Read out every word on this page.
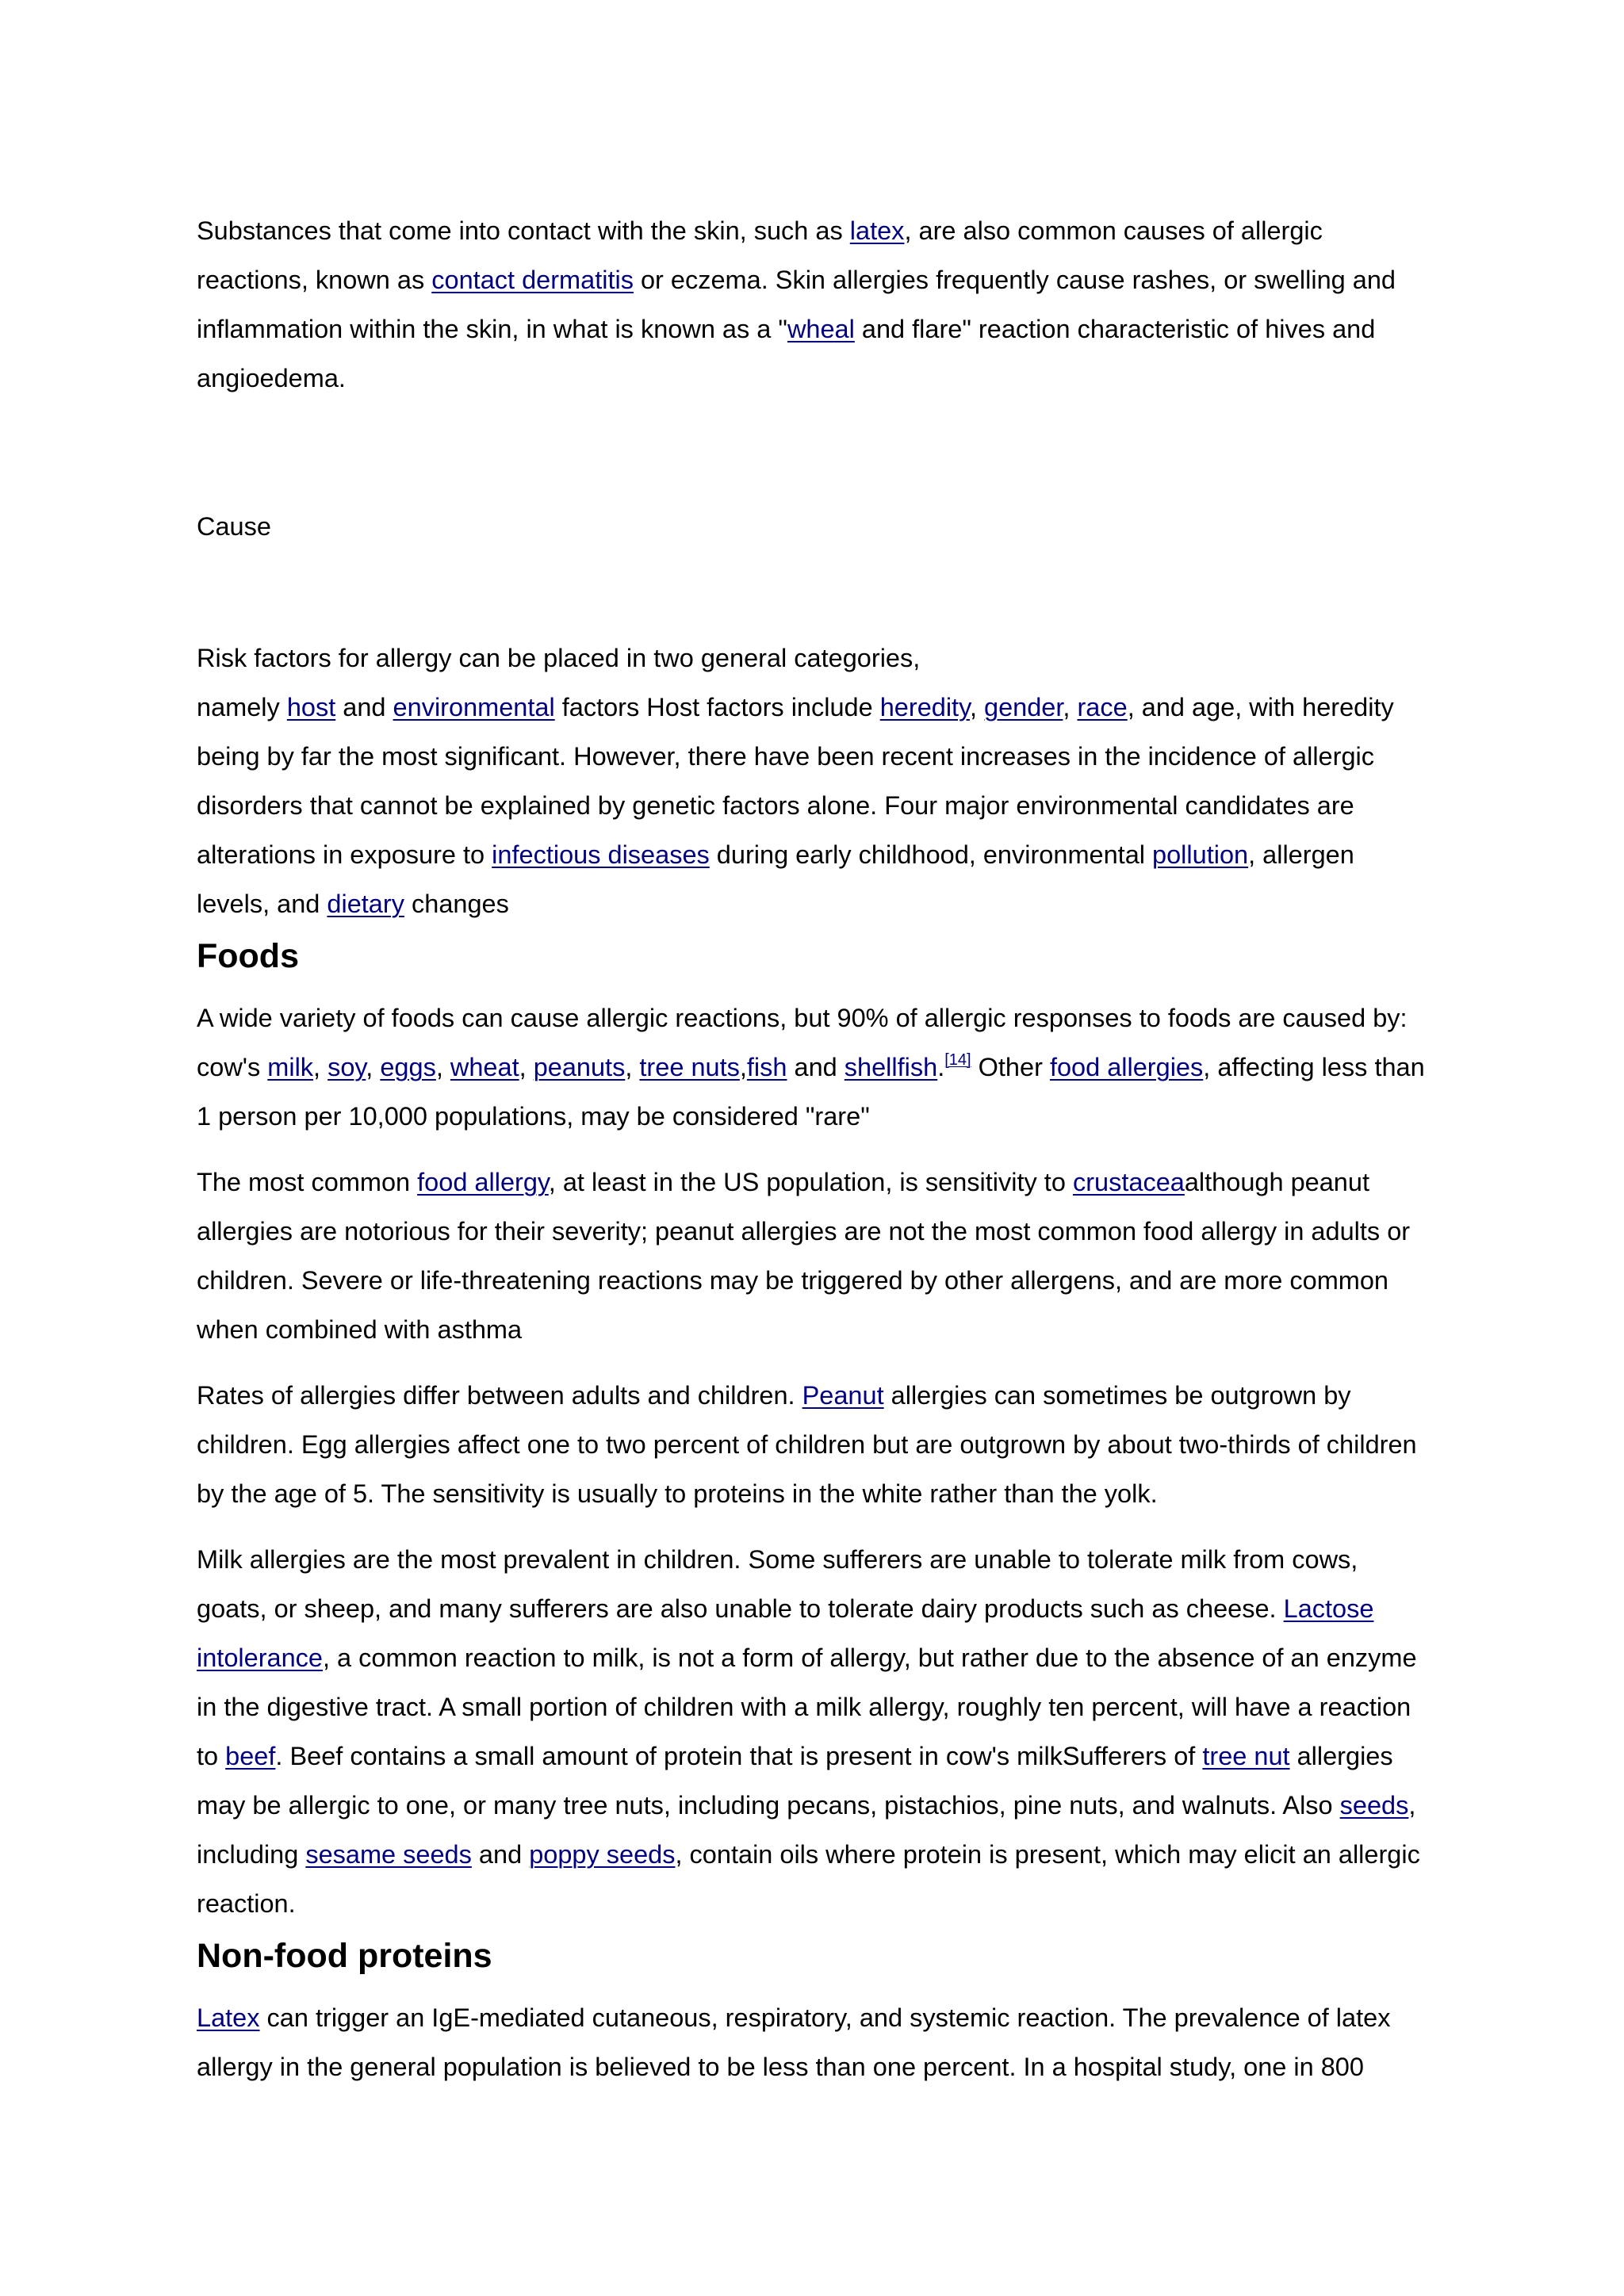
Substances that come into contact with the skin, such as latex, are also common causes of allergic reactions, known as contact dermatitis or eczema. Skin allergies frequently cause rashes, or swelling and inflammation within the skin, in what is known as a "wheal and flare" reaction characteristic of hives and angioedema.

Cause

Risk factors for allergy can be placed in two general categories,
namely host and environmental factors Host factors include heredity, gender, race, and age, with heredity being by far the most significant. However, there have been recent increases in the incidence of allergic disorders that cannot be explained by genetic factors alone. Four major environmental candidates are alterations in exposure to infectious diseases during early childhood, environmental pollution, allergen levels, and dietary changes

Foods

A wide variety of foods can cause allergic reactions, but 90% of allergic responses to foods are caused by: cow's milk, soy, eggs, wheat, peanuts, tree nuts,fish and shellfish.[14] Other food allergies, affecting less than 1 person per 10,000 populations, may be considered "rare"

The most common food allergy, at least in the US population, is sensitivity to crustaceaalthough peanut allergies are notorious for their severity; peanut allergies are not the most common food allergy in adults or children. Severe or life-threatening reactions may be triggered by other allergens, and are more common when combined with asthma

Rates of allergies differ between adults and children. Peanut allergies can sometimes be outgrown by children. Egg allergies affect one to two percent of children but are outgrown by about two-thirds of children by the age of 5. The sensitivity is usually to proteins in the white rather than the yolk.

Milk allergies are the most prevalent in children. Some sufferers are unable to tolerate milk from cows, goats, or sheep, and many sufferers are also unable to tolerate dairy products such as cheese. Lactose intolerance, a common reaction to milk, is not a form of allergy, but rather due to the absence of an enzyme in the digestive tract. A small portion of children with a milk allergy, roughly ten percent, will have a reaction to beef. Beef contains a small amount of protein that is present in cow's milkSufferers of tree nut allergies may be allergic to one, or many tree nuts, including pecans, pistachios, pine nuts, and walnuts. Also seeds, including sesame seeds and poppy seeds, contain oils where protein is present, which may elicit an allergic reaction.

Non-food proteins

Latex can trigger an IgE-mediated cutaneous, respiratory, and systemic reaction. The prevalence of latex allergy in the general population is believed to be less than one percent. In a hospital study, one in 800
